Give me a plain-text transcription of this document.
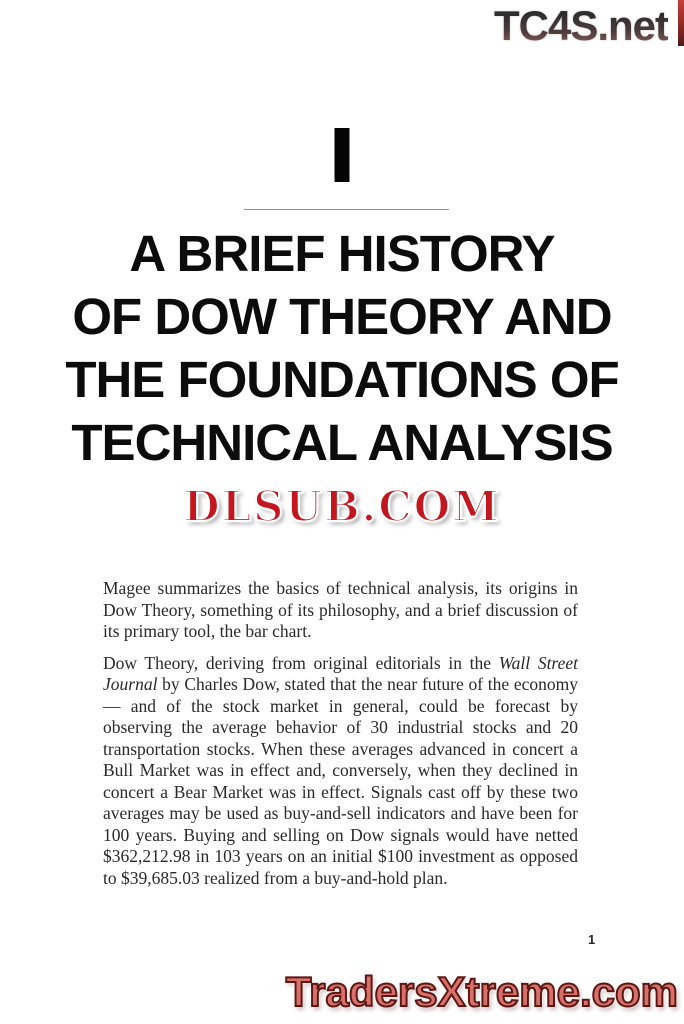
TC4S.net
A BRIEF HISTORY
OF DOW THEORY AND
THE FOUNDATIONS OF
TECHNICAL ANALYSIS
DLSUB.COM

Magee summarizes the basics of technical analysis, its origins in Dow Theory, something of its philosophy, and a brief discussion of its primary tool, the bar chart.

Dow Theory, deriving from original editorials in the Wall Street Journal by Charles Dow, stated that the near future of the economy — and of the stock market in general, could be forecast by observing the average behavior of 30 industrial stocks and 20 transportation stocks. When these averages advanced in concert a Bull Market was in effect and, conversely, when they declined in concert a Bear Market was in effect. Signals cast off by these two averages may be used as buy-and-sell indicators and have been for 100 years. Buying and selling on Dow signals would have netted $362,212.98 in 103 years on an initial $100 investment as opposed to $39,685.03 realized from a buy-and-hold plan.

1
TradersXtreme.com
